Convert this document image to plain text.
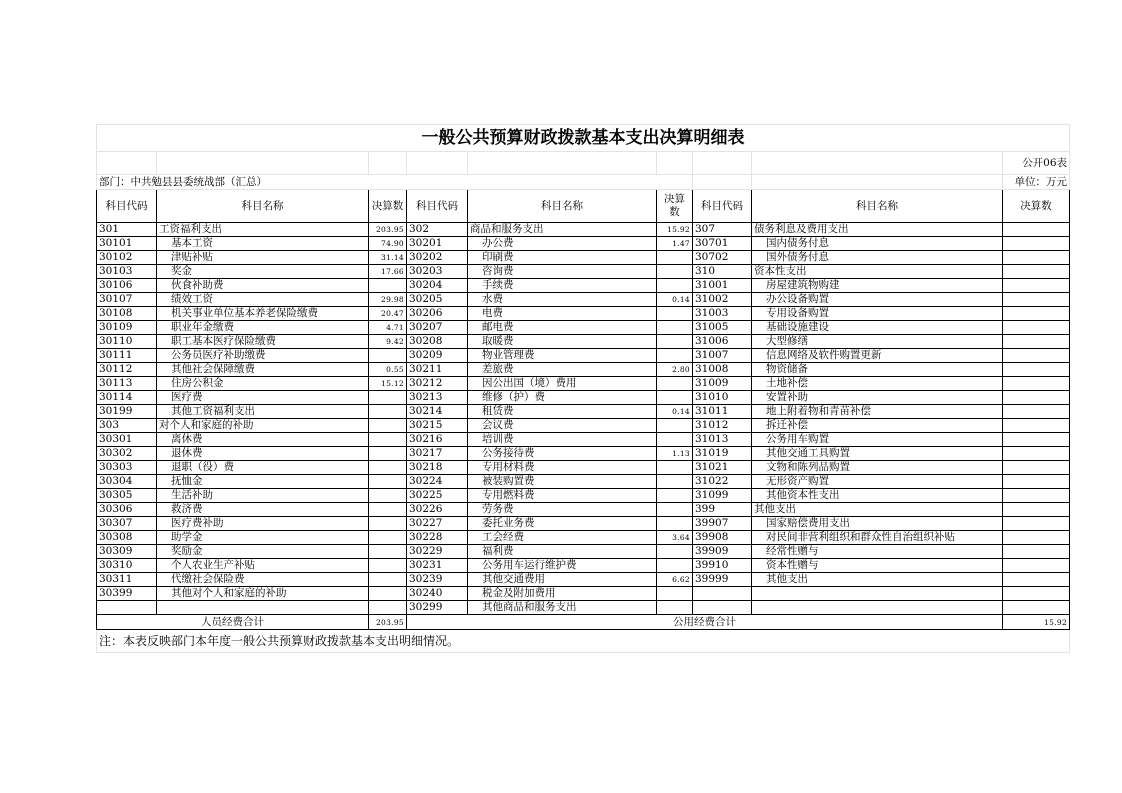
一般公共预算财政拨款基本支出决算明细表								
								公开06表
部门：中共勉县县委统战部（汇总）								单位：万元
科目代码	科目名称	决算数	科目代码	科目名称	决算数	科目代码	科目名称	决算数
301	工资福利支出	203.95	302	商品和服务支出	15.92	307	债务利息及费用支出	
30101	基本工资	74.90	30201	办公费	1.47	30701	国内债务付息	
30102	津贴补贴	31.14	30202	印刷费		30702	国外债务付息	
30103	奖金	17.66	30203	咨询费		310	资本性支出	
30106	伙食补助费		30204	手续费		31001	房屋建筑物购建	
30107	绩效工资	29.98	30205	水费	0.14	31002	办公设备购置	
30108	机关事业单位基本养老保险缴费	20.47	30206	电费		31003	专用设备购置	
30109	职业年金缴费	4.71	30207	邮电费		31005	基础设施建设	
30110	职工基本医疗保险缴费	9.42	30208	取暖费		31006	大型修缮	
30111	公务员医疗补助缴费		30209	物业管理费		31007	信息网络及软件购置更新	
30112	其他社会保障缴费	0.55	30211	差旅费	2.80	31008	物资储备	
30113	住房公积金	15.12	30212	因公出国（境）费用		31009	土地补偿	
30114	医疗费		30213	维修（护）费		31010	安置补助	
30199	其他工资福利支出		30214	租赁费	0.14	31011	地上附着物和青苗补偿	
303	对个人和家庭的补助		30215	会议费		31012	拆迁补偿	
30301	离休费		30216	培训费		31013	公务用车购置	
30302	退休费		30217	公务接待费	1.13	31019	其他交通工具购置	
30303	退职（役）费		30218	专用材料费		31021	文物和陈列品购置	
30304	抚恤金		30224	被装购置费		31022	无形资产购置	
30305	生活补助		30225	专用燃料费		31099	其他资本性支出	
30306	救济费		30226	劳务费		399	其他支出	
30307	医疗费补助		30227	委托业务费		39907	国家赔偿费用支出	
30308	助学金		30228	工会经费	3.64	39908	对民间非营利组织和群众性自治组织补贴	
30309	奖励金		30229	福利费		39909	经常性赠与	
30310	个人农业生产补贴		30231	公务用车运行维护费		39910	资本性赠与	
30311	代缴社会保险费		30239	其他交通费用	6.62	39999	其他支出	
30399	其他对个人和家庭的补助		30240	税金及附加费用				
			30299	其他商品和服务支出				
人员经费合计		203.95	公用经费合计					15.92
注：本表反映部门本年度一般公共预算财政拨款基本支出明细情况。								
